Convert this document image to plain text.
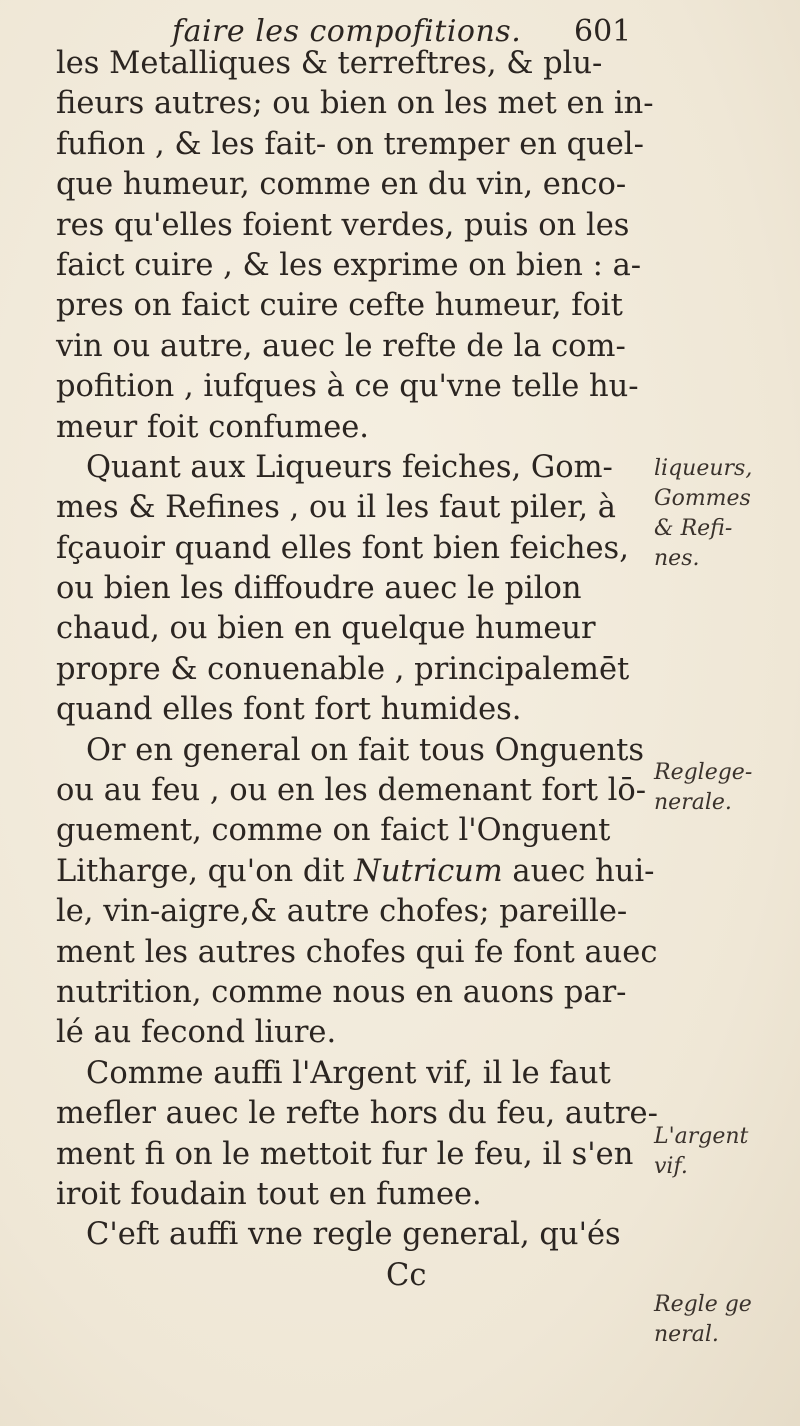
faire les compofitions. 601
les Metalliques & terreftres, & plu-
fieurs autres; ou bien on les met en in-
fufion , & les fait- on tremper en quel-
que humeur, comme en du vin, enco-
res qu'elles foient verdes, puis on les
faict cuire , & les exprime on bien : a-
pres on faict cuire cefte humeur, foit
vin ou autre, auec le refte de la com-
pofition , iufques à ce qu'vne telle hu-
meur foit confumee.
Quant aux Liqueurs feiches, Gom-
mes & Refines , ou il les faut piler, à
fçauoir quand elles font bien feiches,
ou bien les diffoudre auec le pilon
chaud, ou bien en quelque humeur
propre & conuenable , principalemēt
quand elles font fort humides.
Or en general on fait tous Onguents
ou au feu , ou en les demenant fort lō-
guement, comme on faict l'Onguent
Litharge, qu'on dit Nutricum auec hui-
le, vin-aigre,& autre chofes; pareille-
ment les autres chofes qui fe font auec
nutrition, comme nous en auons par-
lé au fecond liure.
Comme auffi l'Argent vif, il le faut
mefler auec le refte hors du feu, autre-
ment fi on le mettoit fur le feu, il s'en
iroit foudain tout en fumee.
C'eft auffi vne regle general, qu'és
Cc
liqueurs,
Gommes
& Refi-
nes.
Reglege-
nerale.
L'argent
vif.
Regle ge
neral.
